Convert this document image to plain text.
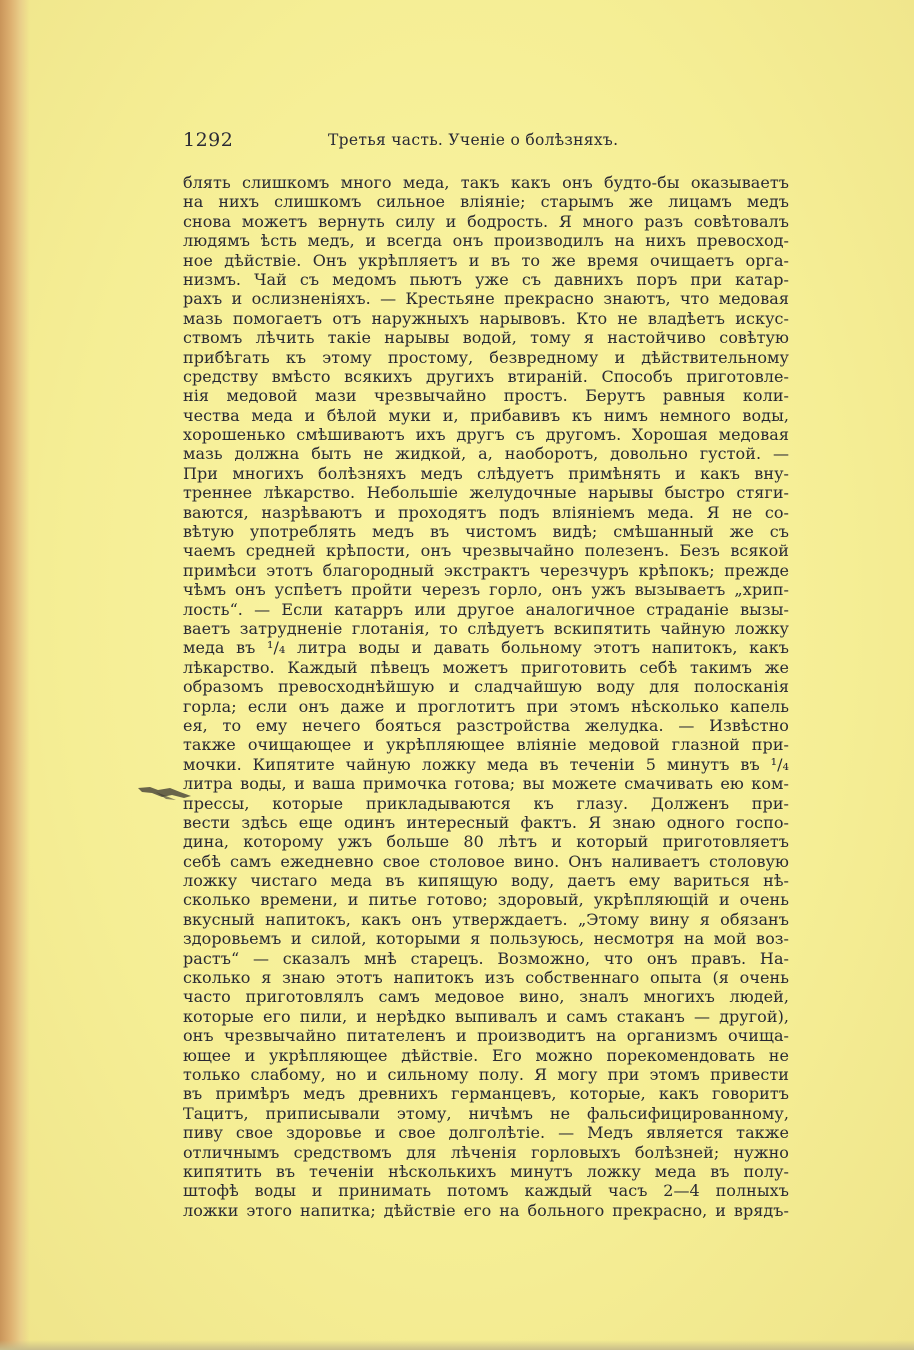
1292	Третья часть. Ученіе о болѣзняхъ.
блять слишкомъ много меда, такъ какъ онъ будто-бы оказываетъ
на нихъ слишкомъ сильное вліяніе; старымъ же лицамъ медъ
снова можетъ вернуть силу и бодрость. Я много разъ совѣтовалъ
людямъ ѣсть медъ, и всегда онъ производилъ на нихъ превосход-
ное дѣйствіе. Онъ укрѣпляетъ и въ то же время очищаетъ орга-
низмъ. Чай съ медомъ пьютъ уже съ давнихъ поръ при катар-
рахъ и ослизненіяхъ. — Крестьяне прекрасно знаютъ, что медовая
мазь помогаетъ отъ наружныхъ нарывовъ. Кто не владѣетъ искус-
ствомъ лѣчить такіе нарывы водой, тому я настойчиво совѣтую
прибѣгать къ этому простому, безвредному и дѣйствительному
средству вмѣсто всякихъ другихъ втираній. Способъ приготовле-
нія медовой мази чрезвычайно простъ. Берутъ равныя коли-
чества меда и бѣлой муки и, прибавивъ къ нимъ немного воды,
хорошенько смѣшиваютъ ихъ другъ съ другомъ. Хорошая медовая
мазь должна быть не жидкой, а, наоборотъ, довольно густой. —
При многихъ болѣзняхъ медъ слѣдуетъ примѣнять и какъ вну-
треннее лѣкарство. Небольшіе желудочные нарывы быстро стяги-
ваются, назрѣваютъ и проходятъ подъ вліяніемъ меда. Я не со-
вѣтую употреблять медъ въ чистомъ видѣ; смѣшанный же съ
чаемъ средней крѣпости, онъ чрезвычайно полезенъ. Безъ всякой
примѣси этотъ благородный экстрактъ черезчуръ крѣпокъ; прежде
чѣмъ онъ успѣетъ пройти черезъ горло, онъ ужъ вызываетъ „хрип-
лость“. — Если катарръ или другое аналогичное страданіе вызы-
ваетъ затрудненіе глотанія, то слѣдуетъ вскипятить чайную ложку
меда въ ¹/₄ литра воды и давать больному этотъ напитокъ, какъ
лѣкарство. Каждый пѣвецъ можетъ приготовить себѣ такимъ же
образомъ превосходнѣйшую и сладчайшую воду для полосканія
горла; если онъ даже и проглотитъ при этомъ нѣсколько капель
ея, то ему нечего бояться разстройства желудка. — Извѣстно
также очищающее и укрѣпляющее вліяніе медовой глазной при-
мочки. Кипятите чайную ложку меда въ теченіи 5 минутъ въ ¹/₄
литра воды, и ваша примочка готова; вы можете смачивать ею ком-
прессы, которые прикладываются къ глазу. Долженъ при-
вести здѣсь еще одинъ интересный фактъ. Я знаю одного госпо-
дина, которому ужъ больше 80 лѣтъ и который приготовляетъ
себѣ самъ ежедневно свое столовое вино. Онъ наливаетъ столовую
ложку чистаго меда въ кипящую воду, даетъ ему вариться нѣ-
сколько времени, и питье готово; здоровый, укрѣпляющій и очень
вкусный напитокъ, какъ онъ утверждаетъ. „Этому вину я обязанъ
здоровьемъ и силой, которыми я пользуюсь, несмотря на мой воз-
растъ“ — сказалъ мнѣ старецъ. Возможно, что онъ правъ. На-
сколько я знаю этотъ напитокъ изъ собственнаго опыта (я очень
часто приготовлялъ самъ медовое вино, зналъ многихъ людей,
которые его пили, и нерѣдко выпивалъ и самъ стаканъ — другой),
онъ чрезвычайно питателенъ и производитъ на организмъ очища-
ющее и укрѣпляющее дѣйствіе. Его можно порекомендовать не
только слабому, но и сильному полу. Я могу при этомъ привести
въ примѣръ медъ древнихъ германцевъ, которые, какъ говоритъ
Тацитъ, приписывали этому, ничѣмъ не фальсифицированному,
пиву свое здоровье и свое долголѣтіе. — Медъ является также
отличнымъ средствомъ для лѣченія горловыхъ болѣзней; нужно
кипятить въ теченіи нѣсколькихъ минутъ ложку меда въ полу-
штофѣ воды и принимать потомъ каждый часъ 2—4 полныхъ
ложки этого напитка; дѣйствіе его на больного прекрасно, и врядъ-
